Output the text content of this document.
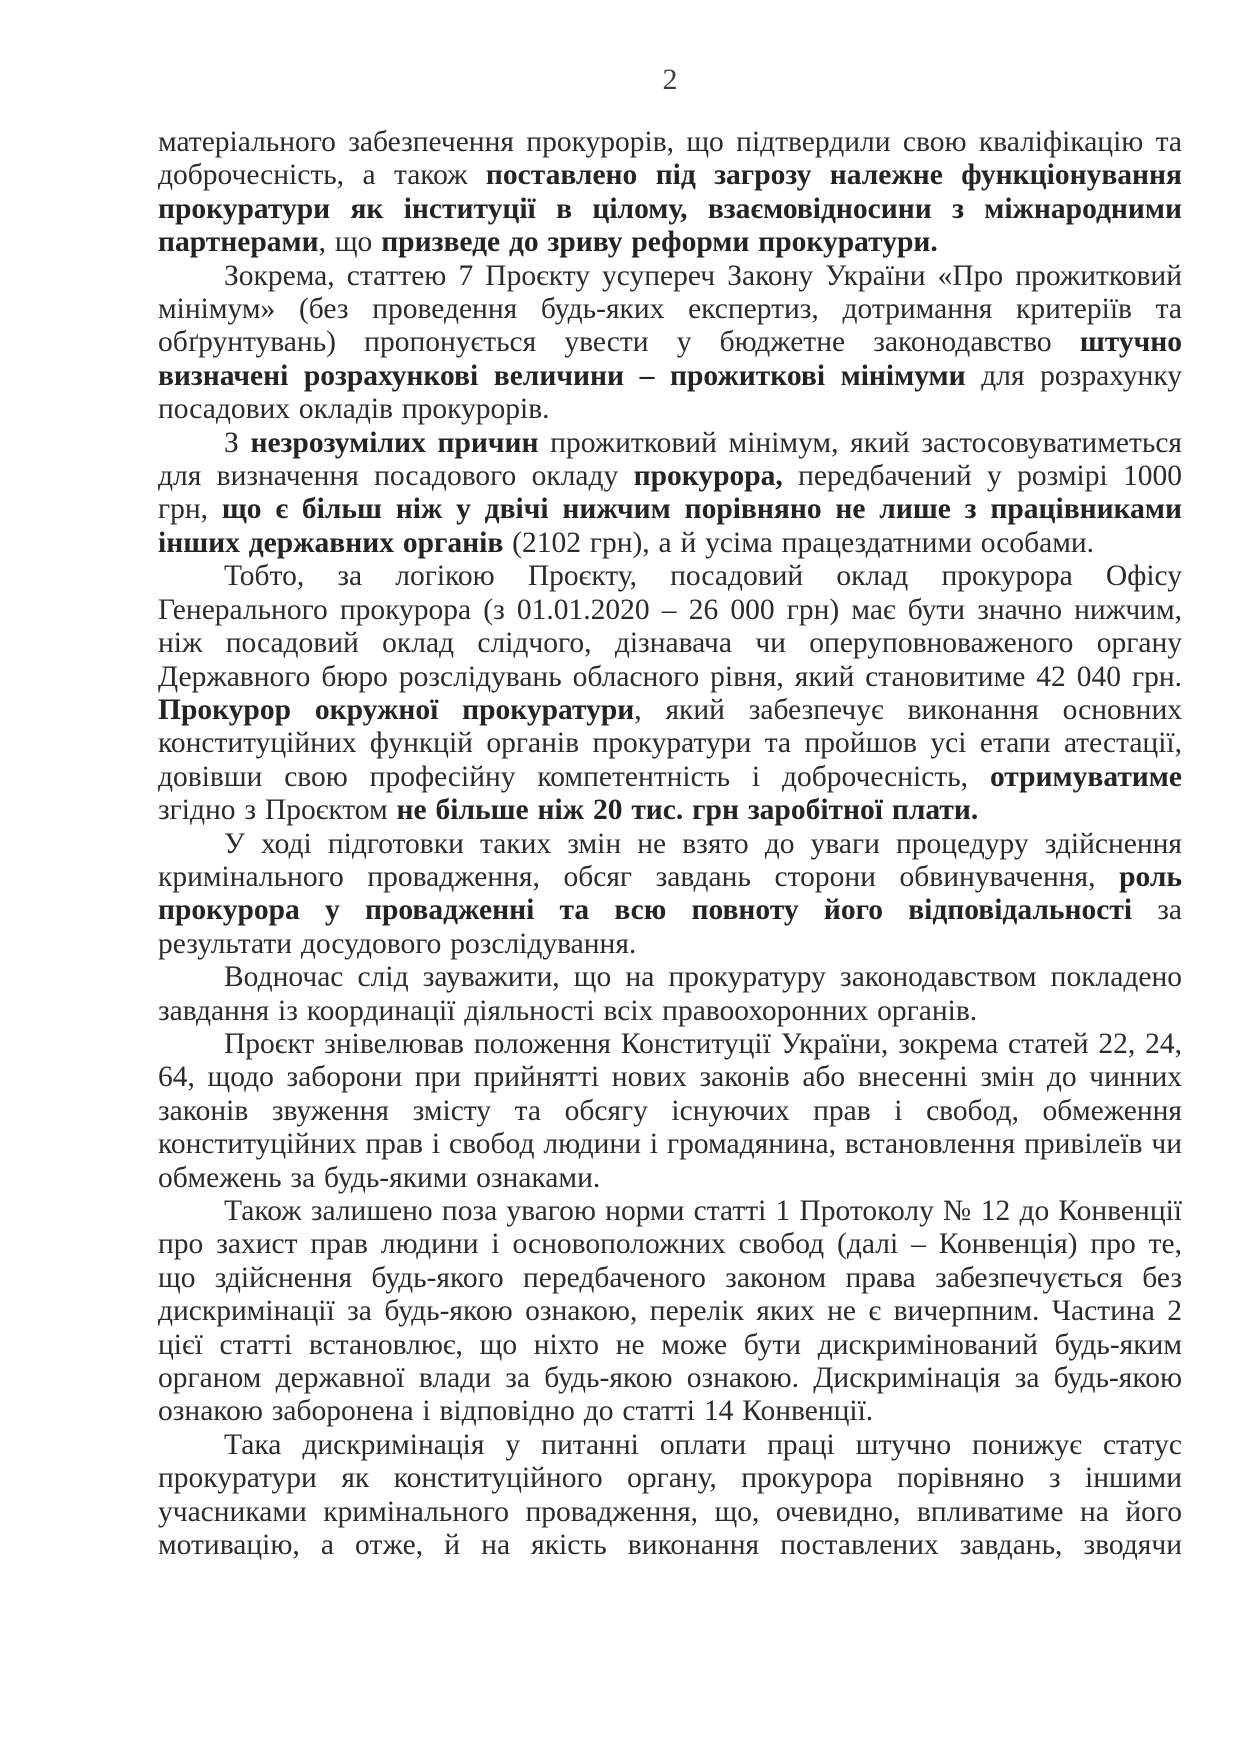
2

матеріального забезпечення прокурорів, що підтвердили свою кваліфікацію та доброчесність, а також поставлено під загрозу належне функціонування прокуратури як інституції в цілому, взаємовідносини з міжнародними партнерами, що призведе до зриву реформи прокуратури.

Зокрема, статтею 7 Проєкту усупереч Закону України «Про прожитковий мінімум» (без проведення будь-яких експертиз, дотримання критеріїв та обґрунтувань) пропонується увести у бюджетне законодавство штучно визначені розрахункові величини – прожиткові мінімуми для розрахунку посадових окладів прокурорів.

З незрозумілих причин прожитковий мінімум, який застосовуватиметься для визначення посадового окладу прокурора, передбачений у розмірі 1000 грн, що є більш ніж у двічі нижчим порівняно не лише з працівниками інших державних органів (2102 грн), а й усіма працездатними особами.

Тобто, за логікою Проєкту, посадовий оклад прокурора Офісу Генерального прокурора (з 01.01.2020 – 26 000 грн) має бути значно нижчим, ніж посадовий оклад слідчого, дізнавача чи оперуповноваженого органу Державного бюро розслідувань обласного рівня, який становитиме 42 040 грн. Прокурор окружної прокуратури, який забезпечує виконання основних конституційних функцій органів прокуратури та пройшов усі етапи атестації, довівши свою професійну компетентність і доброчесність, отримуватиме згідно з Проєктом не більше ніж 20 тис. грн заробітної плати.

У ході підготовки таких змін не взято до уваги процедуру здійснення кримінального провадження, обсяг завдань сторони обвинувачення, роль прокурора у провадженні та всю повноту його відповідальності за результати досудового розслідування.

Водночас слід зауважити, що на прокуратуру законодавством покладено завдання із координації діяльності всіх правоохоронних органів.

Проєкт знівелював положення Конституції України, зокрема статей 22, 24, 64, щодо заборони при прийнятті нових законів або внесенні змін до чинних законів звуження змісту та обсягу існуючих прав і свобод, обмеження конституційних прав і свобод людини і громадянина, встановлення привілеїв чи обмежень за будь-якими ознаками.

Також залишено поза увагою норми статті 1 Протоколу № 12 до Конвенції про захист прав людини і основоположних свобод (далі – Конвенція) про те, що здійснення будь-якого передбаченого законом права забезпечується без дискримінації за будь-якою ознакою, перелік яких не є вичерпним. Частина 2 цієї статті встановлює, що ніхто не може бути дискримінований будь-яким органом державної влади за будь-якою ознакою. Дискримінація за будь-якою ознакою заборонена і відповідно до статті 14 Конвенції.

Така дискримінація у питанні оплати праці штучно понижує статус прокуратури як конституційного органу, прокурора порівняно з іншими учасниками кримінального провадження, що, очевидно, впливатиме на його мотивацію, а отже, й на якість виконання поставлених завдань, зводячи
